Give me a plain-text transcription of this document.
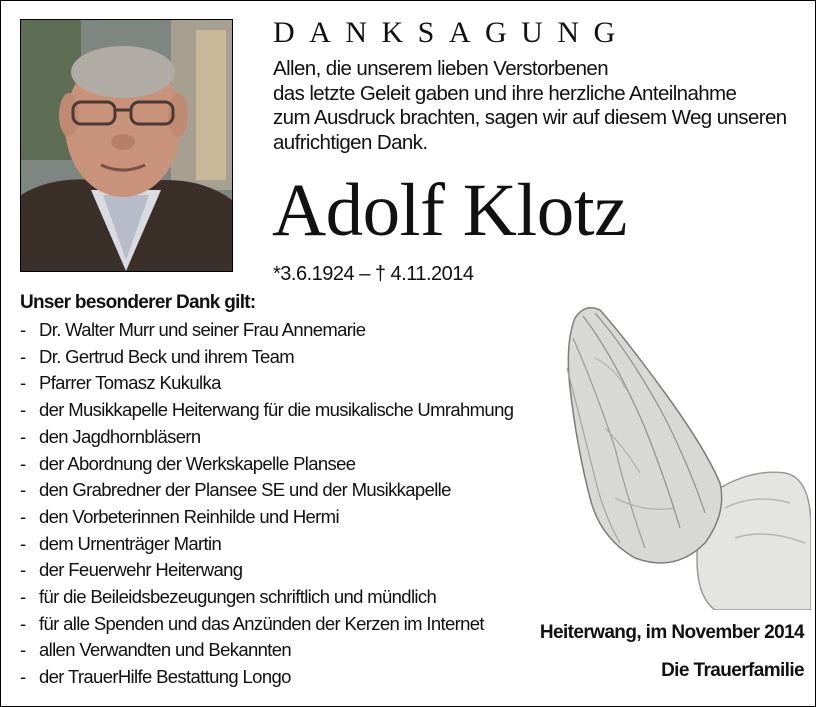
DANKSAGUNG

Allen, die unserem lieben Verstorbenen
das letzte Geleit gaben und ihre herzliche Anteilnahme
zum Ausdruck brachten, sagen wir auf diesem Weg unseren
aufrichtigen Dank.

Adolf Klotz
*3.6.1924 – † 4.11.2014
Unser besonderer Dank gilt:
- Dr. Walter Murr und seiner Frau Annemarie
- Dr. Gertrud Beck und ihrem Team
- Pfarrer Tomasz Kukulka
- der Musikkapelle Heiterwang für die musikalische Umrahmung
- den Jagdhornbläsern
- der Abordnung der Werkskapelle Plansee
- den Grabredner der Plansee SE und der Musikkapelle
- den Vorbeterinnen Reinhilde und Hermi
- dem Urnenträger Martin
- der Feuerwehr Heiterwang
- für die Beileidsbezeugungen schriftlich und mündlich
- für alle Spenden und das Anzünden der Kerzen im Internet
- allen Verwandten und Bekannten
- der TrauerHilfe Bestattung Longo
Heiterwang, im November 2014
Die Trauerfamilie
